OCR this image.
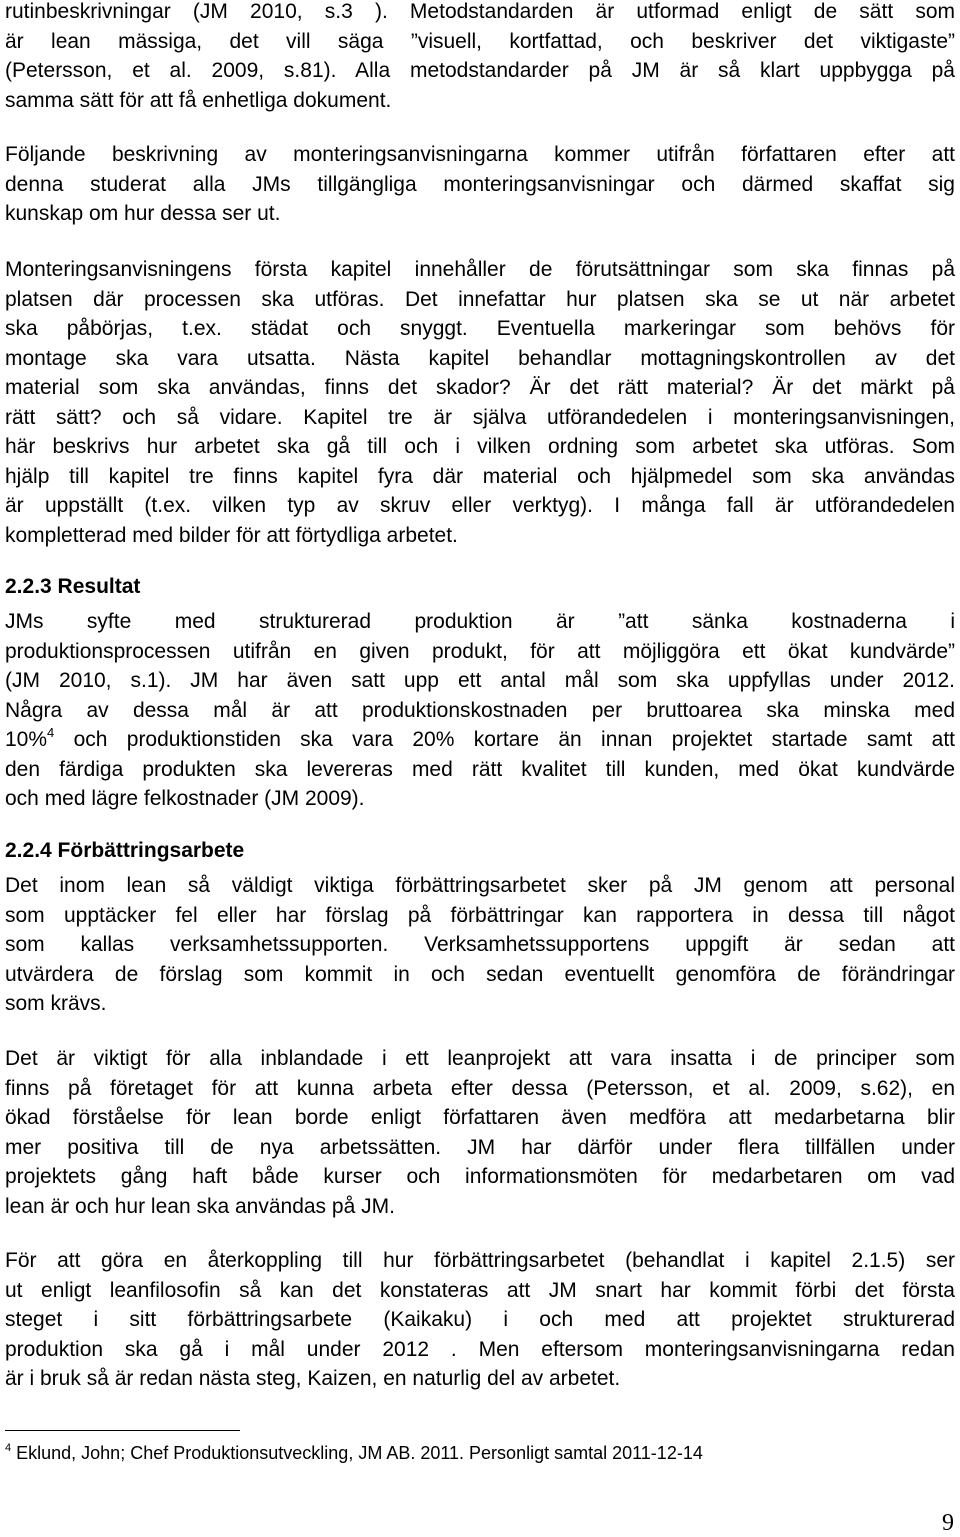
rutinbeskrivningar (JM 2010, s.3 ). Metodstandarden är utformad enligt de sätt som
är lean mässiga, det vill säga ”visuell, kortfattad, och beskriver det viktigaste”
(Petersson, et al. 2009, s.81). Alla metodstandarder på JM är så klart uppbygga på
samma sätt för att få enhetliga dokument.

Följande beskrivning av monteringsanvisningarna kommer utifrån författaren efter att
denna studerat alla JMs tillgängliga monteringsanvisningar och därmed skaffat sig
kunskap om hur dessa ser ut.

Monteringsanvisningens första kapitel innehåller de förutsättningar som ska finnas på
platsen där processen ska utföras. Det innefattar hur platsen ska se ut när arbetet
ska påbörjas, t.ex. städat och snyggt. Eventuella markeringar som behövs för
montage ska vara utsatta. Nästa kapitel behandlar mottagningskontrollen av det
material som ska användas, finns det skador? Är det rätt material? Är det märkt på
rätt sätt? och så vidare. Kapitel tre är själva utförandedelen i monteringsanvisningen,
här beskrivs hur arbetet ska gå till och i vilken ordning som arbetet ska utföras. Som
hjälp till kapitel tre finns kapitel fyra där material och hjälpmedel som ska användas
är uppställt (t.ex. vilken typ av skruv eller verktyg). I många fall är utförandedelen
kompletterad med bilder för att förtydliga arbetet.

2.2.3 Resultat

JMs syfte med strukturerad produktion är ”att sänka kostnaderna i
produktionsprocessen utifrån en given produkt, för att möjliggöra ett ökat kundvärde”
(JM 2010, s.1). JM har även satt upp ett antal mål som ska uppfyllas under 2012.
Några av dessa mål är att produktionskostnaden per bruttoarea ska minska med
10%$^4$ och produktionstiden ska vara 20% kortare än innan projektet startade samt att
den färdiga produkten ska levereras med rätt kvalitet till kunden, med ökat kundvärde
och med lägre felkostnader (JM 2009).

2.2.4 Förbättringsarbete

Det inom lean så väldigt viktiga förbättringsarbetet sker på JM genom att personal
som upptäcker fel eller har förslag på förbättringar kan rapportera in dessa till något
som kallas verksamhetssupporten. Verksamhetssupportens uppgift är sedan att
utvärdera de förslag som kommit in och sedan eventuellt genomföra de förändringar
som krävs.

Det är viktigt för alla inblandade i ett leanprojekt att vara insatta i de principer som
finns på företaget för att kunna arbeta efter dessa (Petersson, et al. 2009, s.62), en
ökad förståelse för lean borde enligt författaren även medföra att medarbetarna blir
mer positiva till de nya arbetssätten. JM har därför under flera tillfällen under
projektets gång haft både kurser och informationsmöten för medarbetaren om vad
lean är och hur lean ska användas på JM.

För att göra en återkoppling till hur förbättringsarbetet (behandlat i kapitel 2.1.5) ser
ut enligt leanfilosofin så kan det konstateras att JM snart har kommit förbi det första
steget i sitt förbättringsarbete (Kaikaku) i och med att projektet strukturerad
produktion ska gå i mål under 2012 . Men eftersom monteringsanvisningarna redan
är i bruk så är redan nästa steg, Kaizen, en naturlig del av arbetet.

$^4$ Eklund, John; Chef Produktionsutveckling, JM AB. 2011. Personligt samtal 2011-12-14
9
